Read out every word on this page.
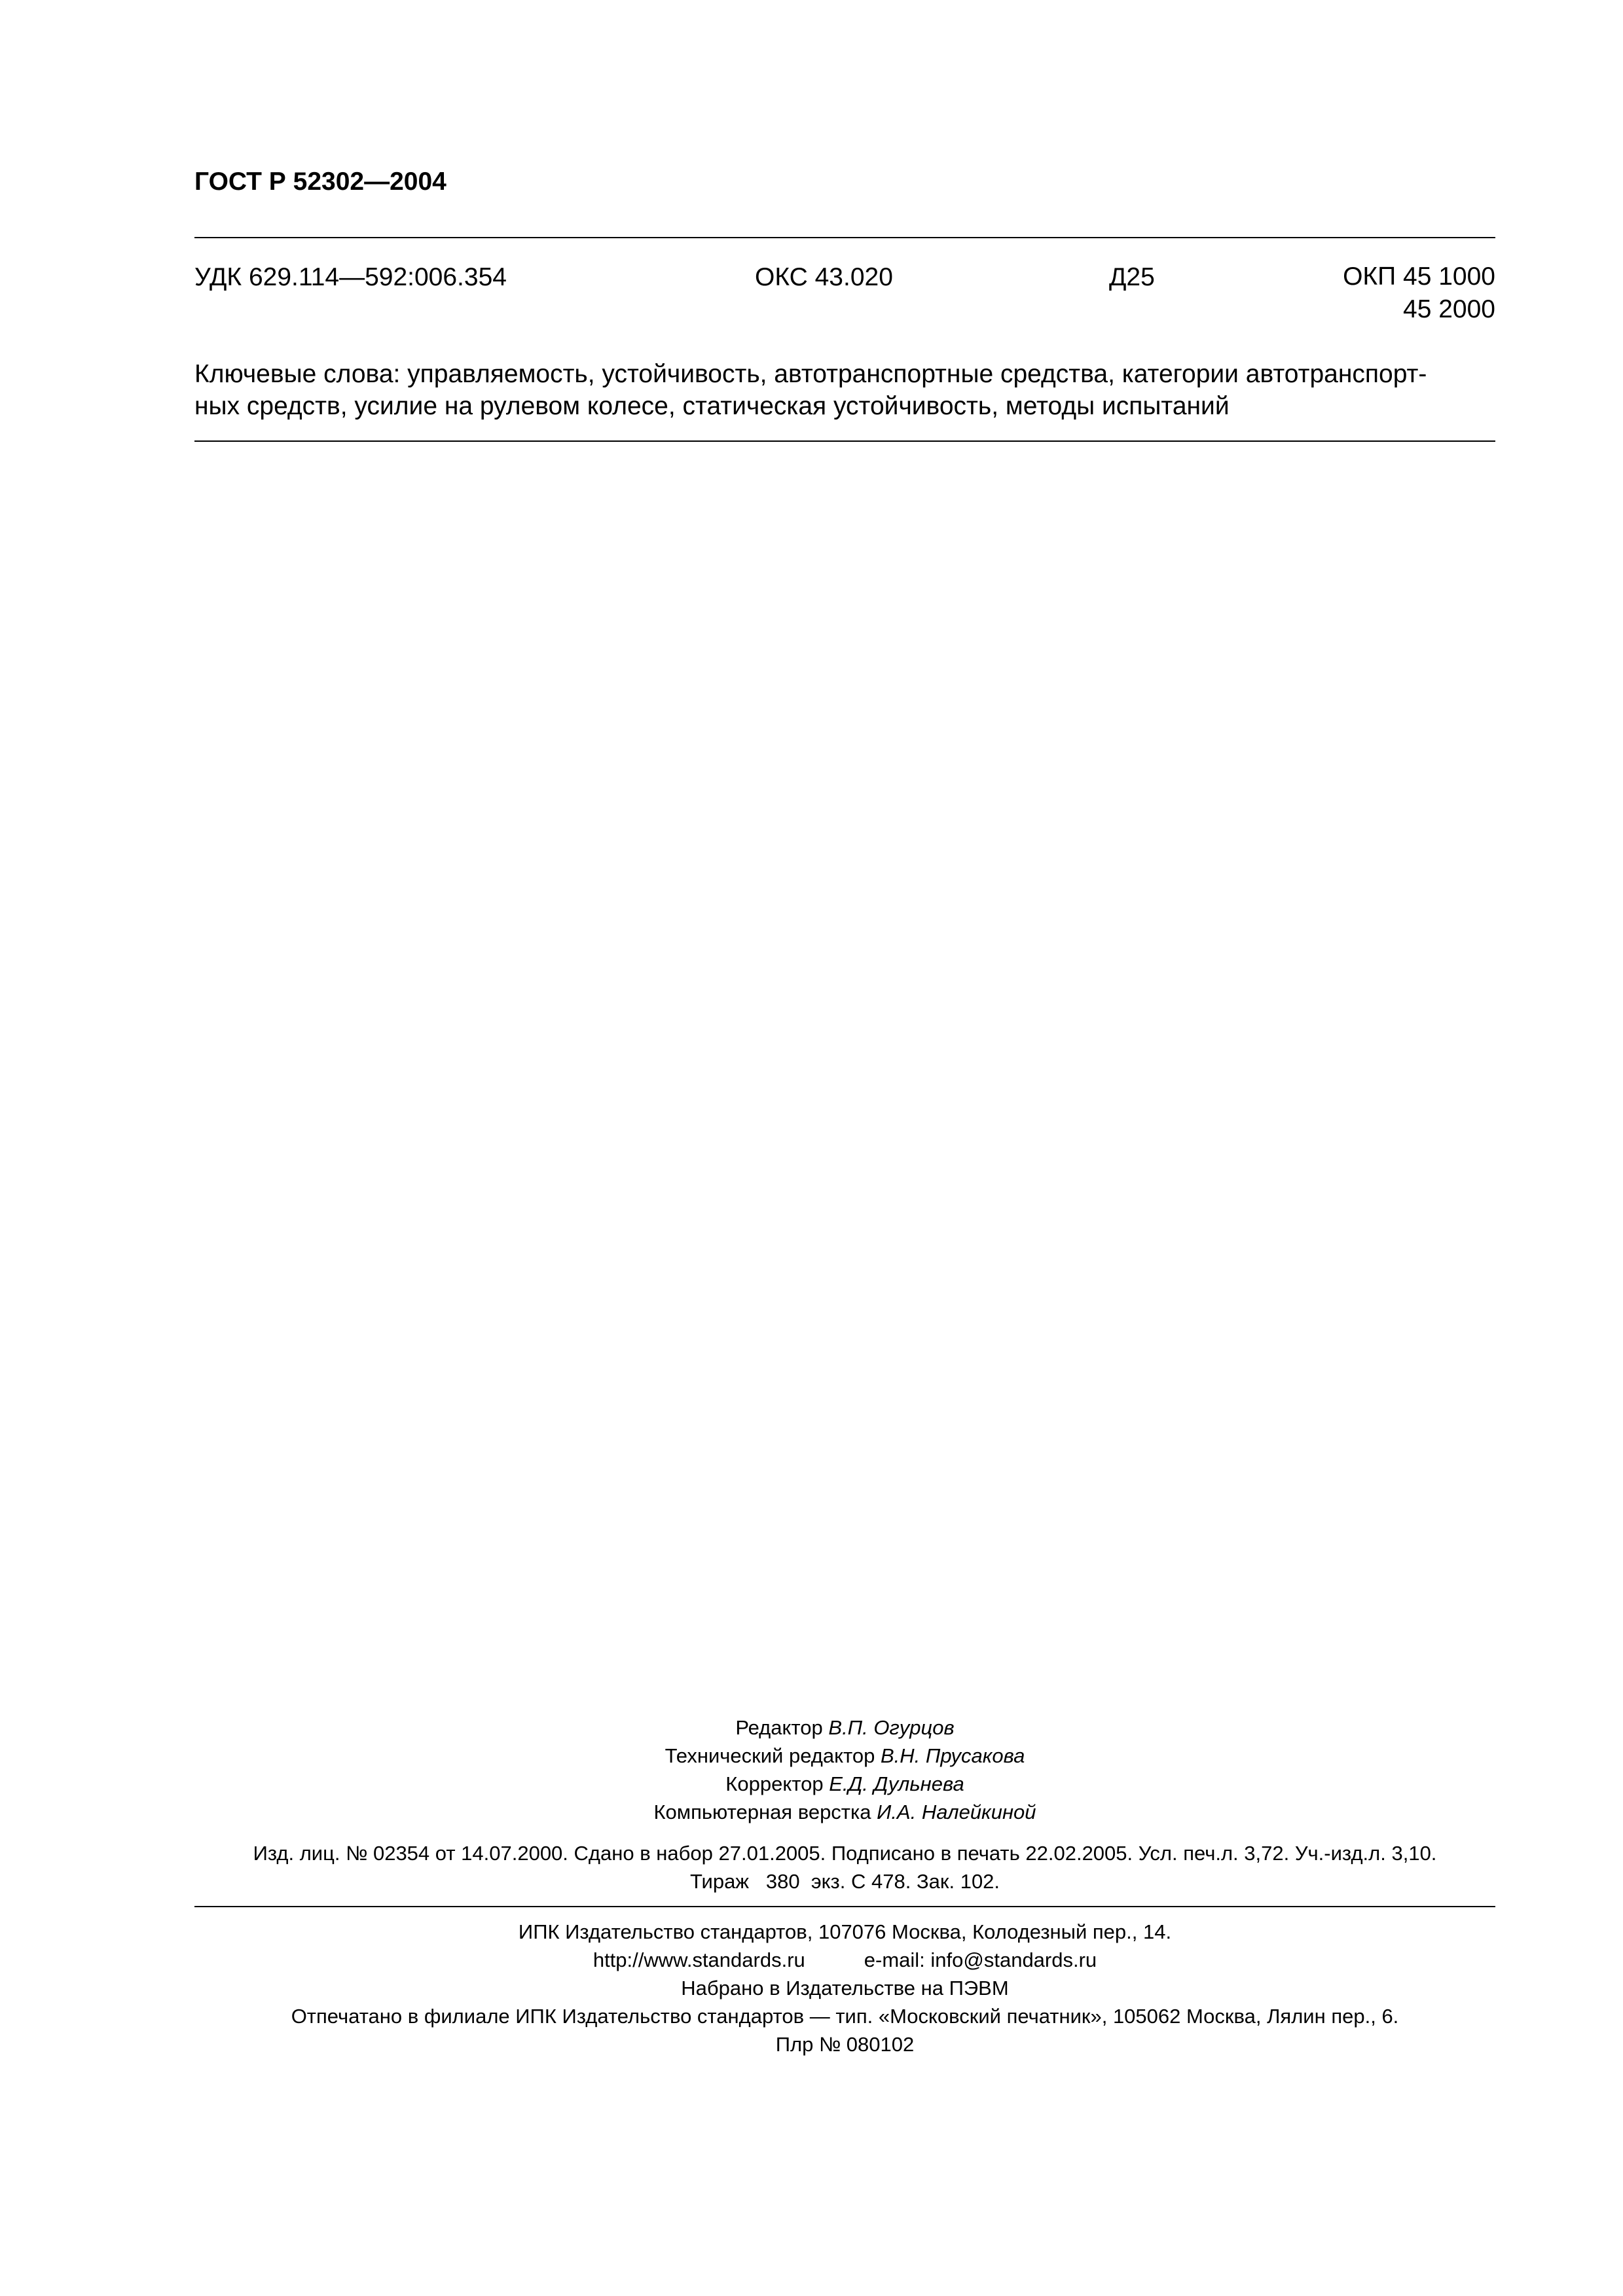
ГОСТ Р 52302—2004
УДК 629.114—592:006.354	ОКС 43.020	Д25	ОКП 45 1000
45 2000
Ключевые слова: управляемость, устойчивость, автотранспортные средства, категории автотранспорт-
ных средств, усилие на рулевом колесе, статическая устойчивость, методы испытаний
Редактор В.П. Огурцов
Технический редактор В.Н. Прусакова
Корректор Е.Д. Дульнева
Компьютерная верстка И.А. Налейкиной
Изд. лиц. № 02354 от 14.07.2000. Сдано в набор 27.01.2005. Подписано в печать 22.02.2005. Усл. печ.л. 3,72. Уч.-изд.л. 3,10.
Тираж   380  экз. С 478. Зак. 102.
ИПК Издательство стандартов, 107076 Москва, Колодезный пер., 14.
http://www.standards.ru	e-mail: info@standards.ru
Набрано в Издательстве на ПЭВМ
Отпечатано в филиале ИПК Издательство стандартов — тип. «Московский печатник», 105062 Москва, Лялин пер., 6.
Плр № 080102
